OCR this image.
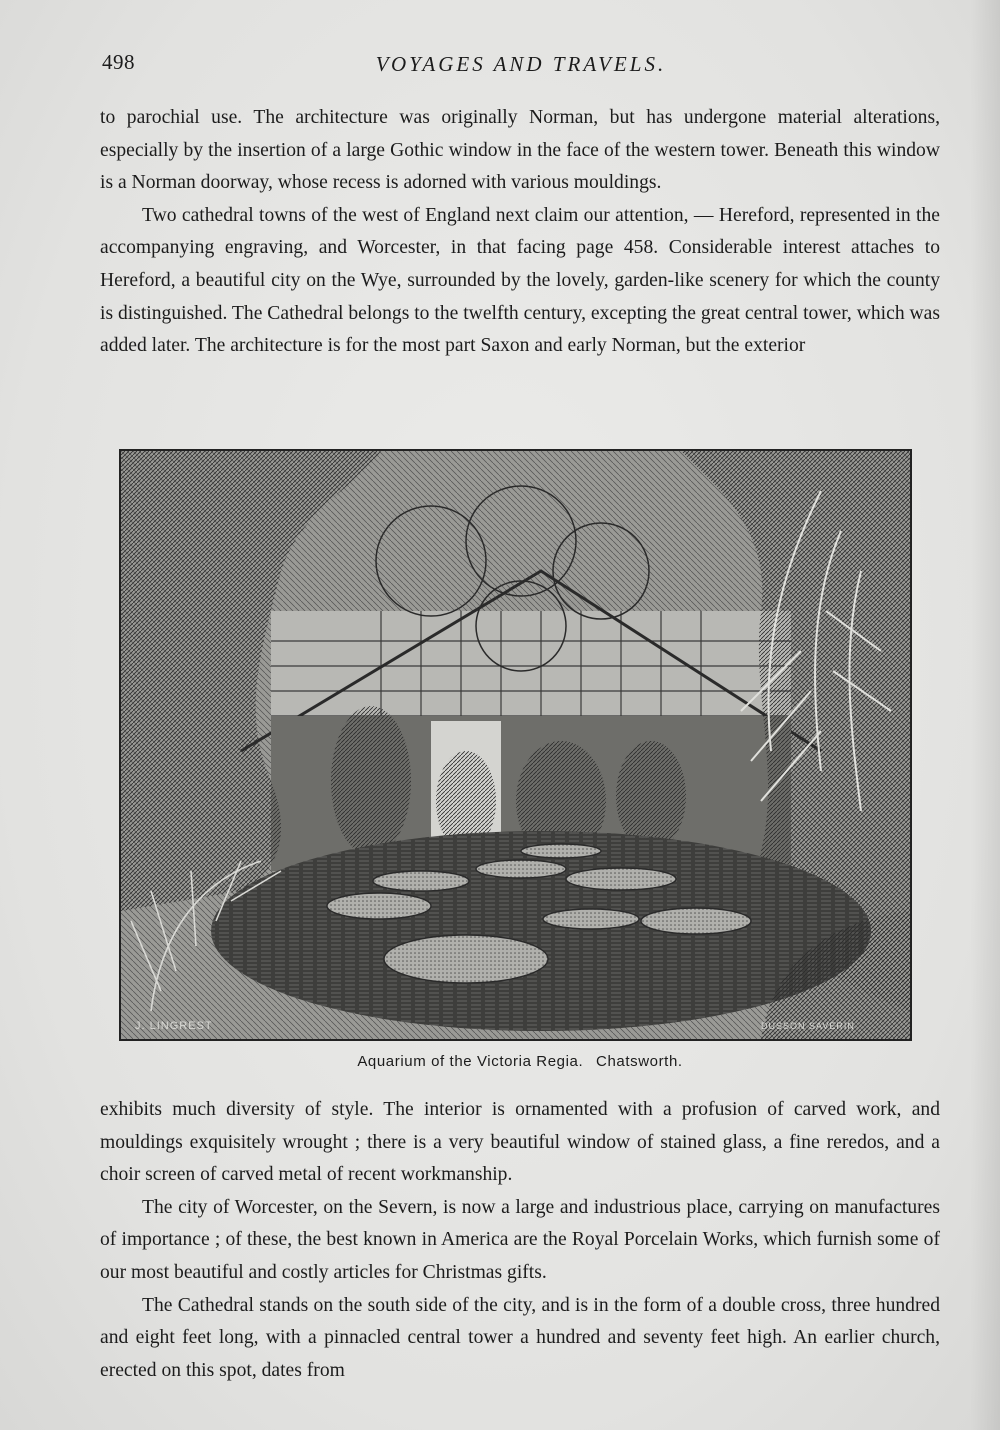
498	VOYAGES AND TRAVELS.

to parochial use. The architecture was originally Norman, but has undergone material alterations, especially by the insertion of a large Gothic window in the face of the western tower. Beneath this window is a Norman doorway, whose recess is adorned with various mouldings.

Two cathedral towns of the west of England next claim our attention, — Hereford, represented in the accompanying engraving, and Worcester, in that facing page 458. Considerable interest attaches to Hereford, a beautiful city on the Wye, surrounded by the lovely, garden-like scenery for which the county is distinguished. The Cathedral belongs to the twelfth century, excepting the great central tower, which was added later. The architecture is for the most part Saxon and early Norman, but the exterior

J. LINGREST	DUSSON SAVERIN
Aquarium of the Victoria Regia. Chatsworth.

exhibits much diversity of style. The interior is ornamented with a profusion of carved work, and mouldings exquisitely wrought ; there is a very beautiful window of stained glass, a fine reredos, and a choir screen of carved metal of recent workmanship.

The city of Worcester, on the Severn, is now a large and industrious place, carrying on manufactures of importance ; of these, the best known in America are the Royal Porcelain Works, which furnish some of our most beautiful and costly articles for Christmas gifts.

The Cathedral stands on the south side of the city, and is in the form of a double cross, three hundred and eight feet long, with a pinnacled central tower a hundred and seventy feet high. An earlier church, erected on this spot, dates from
